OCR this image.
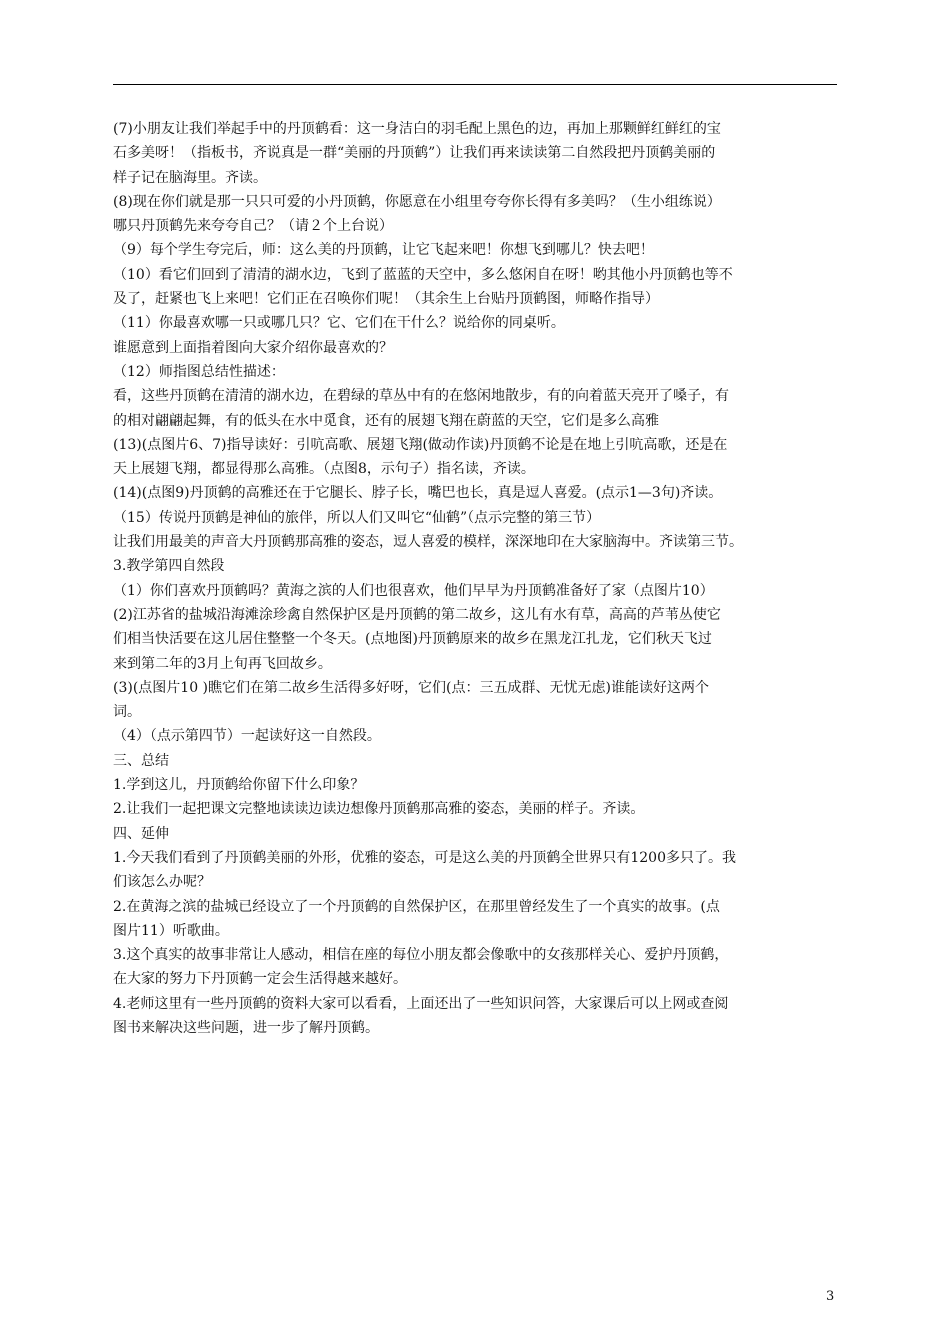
(7)小朋友让我们举起手中的丹顶鹤看：这一身洁白的羽毛配上黑色的边，再加上那颗鲜红鲜红的宝
石多美呀！（指板书，齐说真是一群“美丽的丹顶鹤”）让我们再来读读第二自然段把丹顶鹤美丽的
样子记在脑海里。齐读。
(8)现在你们就是那一只只可爱的小丹顶鹤，你愿意在小组里夸夸你长得有多美吗？（生小组练说）
哪只丹顶鹤先来夸夸自己？（请２个上台说）
（9）每个学生夸完后，师：这么美的丹顶鹤，让它飞起来吧！你想飞到哪儿？快去吧！
（10）看它们回到了清清的湖水边，飞到了蓝蓝的天空中，多么悠闲自在呀！哟其他小丹顶鹤也等不
及了，赶紧也飞上来吧！它们正在召唤你们呢！（其余生上台贴丹顶鹤图，师略作指导）
（11）你最喜欢哪一只或哪几只？它、它们在干什么？说给你的同桌听。
谁愿意到上面指着图向大家介绍你最喜欢的？
（12）师指图总结性描述：
看，这些丹顶鹤在清清的湖水边，在碧绿的草丛中有的在悠闲地散步，有的向着蓝天亮开了嗓子，有
的相对翩翩起舞，有的低头在水中觅食，还有的展翅飞翔在蔚蓝的天空，它们是多么高雅
(13)(点图片6、7)指导读好：引吭高歌、展翅飞翔(做动作读)丹顶鹤不论是在地上引吭高歌，还是在
天上展翅飞翔，都显得那么高雅。（点图8，示句子）指名读，齐读。
(14)(点图9)丹顶鹤的高雅还在于它腿长、脖子长，嘴巴也长，真是逗人喜爱。(点示1—3句)齐读。
（15）传说丹顶鹤是神仙的旅伴，所以人们又叫它“仙鹤”（点示完整的第三节）
让我们用最美的声音大丹顶鹤那高雅的姿态，逗人喜爱的模样，深深地印在大家脑海中。齐读第三节。
3.教学第四自然段
（1）你们喜欢丹顶鹤吗？黄海之滨的人们也很喜欢，他们早早为丹顶鹤准备好了家（点图片10）
(2)江苏省的盐城沿海滩涂珍禽自然保护区是丹顶鹤的第二故乡，这儿有水有草，高高的芦苇丛使它
们相当快活要在这儿居住整整一个冬天。(点地图)丹顶鹤原来的故乡在黑龙江扎龙，它们秋天飞过
来到第二年的3月上旬再飞回故乡。
(3)(点图片10 )瞧它们在第二故乡生活得多好呀，它们(点：三五成群、无忧无虑)谁能读好这两个
词。
（4）（点示第四节）一起读好这一自然段。
三、总结
1.学到这儿，丹顶鹤给你留下什么印象？
2.让我们一起把课文完整地读读边读边想像丹顶鹤那高雅的姿态，美丽的样子。齐读。
四、延伸
1.今天我们看到了丹顶鹤美丽的外形，优雅的姿态，可是这么美的丹顶鹤全世界只有1200多只了。我
们该怎么办呢？
2.在黄海之滨的盐城已经设立了一个丹顶鹤的自然保护区，在那里曾经发生了一个真实的故事。(点
图片11）听歌曲。
3.这个真实的故事非常让人感动，相信在座的每位小朋友都会像歌中的女孩那样关心、爱护丹顶鹤，
在大家的努力下丹顶鹤一定会生活得越来越好。
4.老师这里有一些丹顶鹤的资料大家可以看看，上面还出了一些知识问答，大家课后可以上网或查阅
图书来解决这些问题，进一步了解丹顶鹤。
3
